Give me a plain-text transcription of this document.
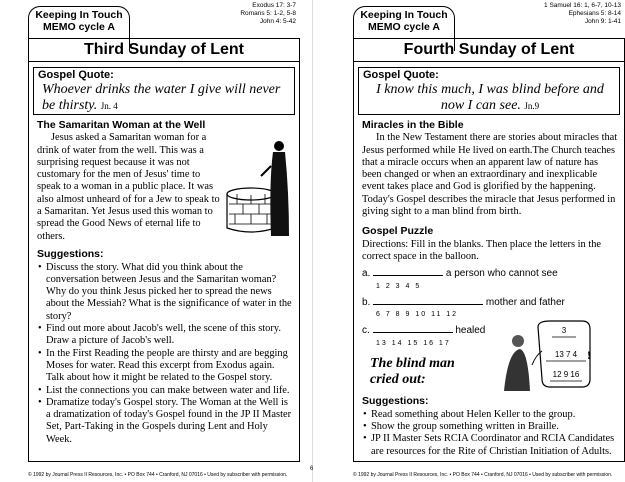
Exodus 17: 3-7
Romans 5: 1-2, 5-8
John 4: 5-42
Keeping In Touch
MEMO cycle A
Third Sunday of Lent
Gospel Quote:
Whoever drinks the water I give will never be thirsty. Jn. 4
The Samaritan Woman at the Well

Jesus asked a Samaritan woman for a drink of water from the well. This was a surprising request because it was not customary for the men of Jesus' time to speak to a woman in a public place. It was also almost unheard of for a Jew to speak to a Samaritan. Yet Jesus used this woman to spread the Good News of eternal life to others.

Suggestions:
• Discuss the story. What did you think about the conversation between Jesus and the Samaritan woman? Why do you think Jesus picked her to spread the news about the Messiah? What is the significance of water in the story?
• Find out more about Jacob's well, the scene of this story. Draw a picture of Jacob's well.
• In the First Reading the people are thirsty and are begging Moses for water. Read this excerpt from Exodus again. Talk about how it might be related to the Gospel story.
• List the connections you can make between water and life.
• Dramatize today's Gospel story. The Woman at the Well is a dramatization of today's Gospel found in the JP II Master Set, Part-Taking in the Gospels during Lent and Holy Week.
© 1992 by Journal Press II Resources, Inc. • PO Box 744 • Cranford, NJ 07016 • Used by subscriber with permission.
6
1 Samuel 16: 1, 6-7, 10-13
Ephesians 5: 8-14
John 9: 1-41
Keeping In Touch
MEMO cycle A
Fourth Sunday of Lent
Gospel Quote:
I know this much, I was blind before and now I can see. Jn.9
Miracles in the Bible

In the New Testament there are stories about miracles that Jesus performed while He lived on earth.The Church teaches that a miracle occurs when an apparent law of nature has been changed or when an extraordinary and inexplicable event takes place and God is glorified by the happening. Today's Gospel describes the miracle that Jesus performed in giving sight to a man blind from birth.

Gospel Puzzle

Directions: Fill in the blanks. Then place the letters in the correct space in the balloon.

a.	a person who cannot see
1 2 3 4 5
b.	mother and father
6 7 8 9 10 11 12
c.	healed
13 14 15 16 17
The blind man cried out:
3
13 7 4
12 9 16
!
Suggestions:
• Read something about Helen Keller to the group.
• Show the group something written in Braille.
• JP II Master Sets RCIA Coordinator and RCIA Candidates are resources for the Rite of Christian Initiation of Adults.
© 1992 by Journal Press II Resources, Inc. • PO Box 744 • Cranford, NJ 07016 • Used by subscriber with permission.
